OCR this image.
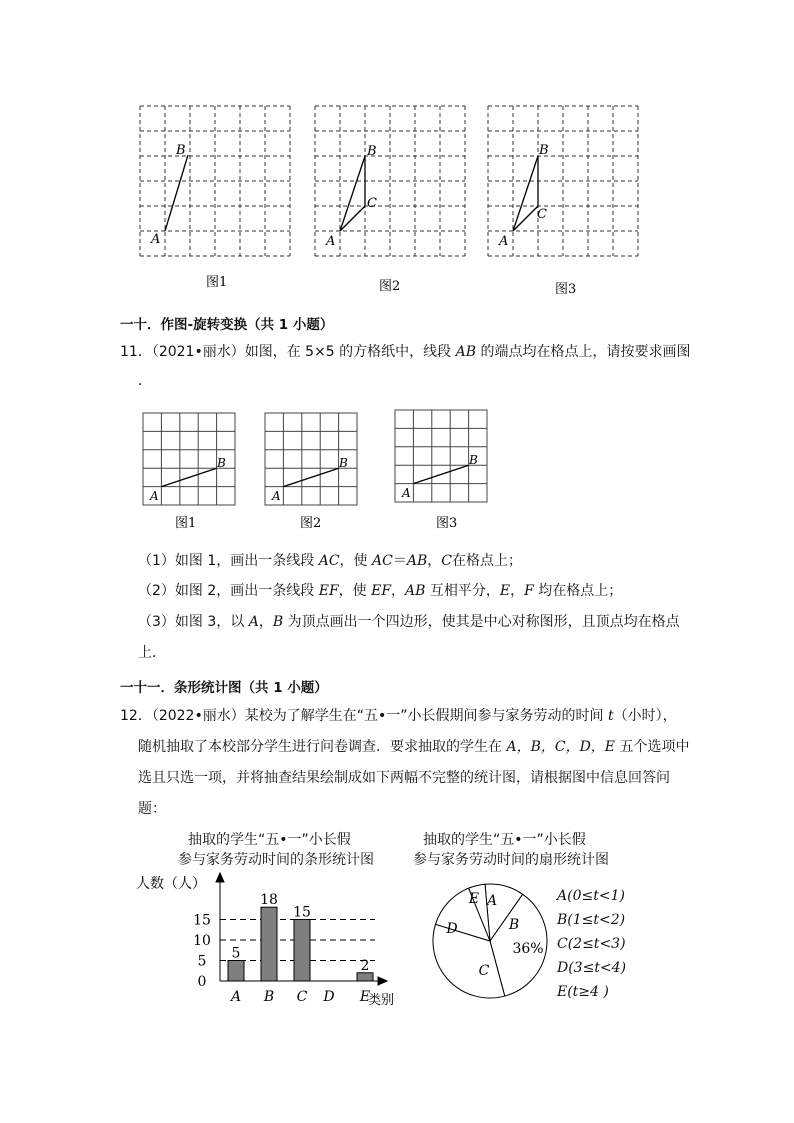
B
A
图1
B
C
A
图2
B
C
A
图3
一十．作图-旋转变换（共 1 小题）
11．（2021•丽水）如图，在 5×5 的方格纸中，线段 AB 的端点均在格点上，请按要求画图
．
B
A
图1
B
A
图2
B
A
图3
（1）如图 1，画出一条线段 AC，使 AC＝AB，C在格点上；
（2）如图 2，画出一条线段 EF，使 EF，AB 互相平分，E，F 均在格点上；
（3）如图 3，以 A，B 为顶点画出一个四边形，使其是中心对称图形，且顶点均在格点
上．
一十一．条形统计图（共 1 小题）
12．（2022•丽水）某校为了解学生在“五•一”小长假期间参与家务劳动的时间 t（小时），
随机抽取了本校部分学生进行问卷调查．要求抽取的学生在 A，B，C，D，E 五个选项中
选且只选一项，并将抽查结果绘制成如下两幅不完整的统计图，请根据图中信息回答问
题：
抽取的学生“五•一”小长假
参与家务劳动时间的条形统计图
抽取的学生“五•一”小长假
参与家务劳动时间的扇形统计图
人数（人）
0
5
10
15
A B C D E
5
18
15
2
类别
A
B
36%
C
D
E	A(0≤t<1)
B(1≤t<2)
C(2≤t<3)
D(3≤t<4)
E(t≥4 )
